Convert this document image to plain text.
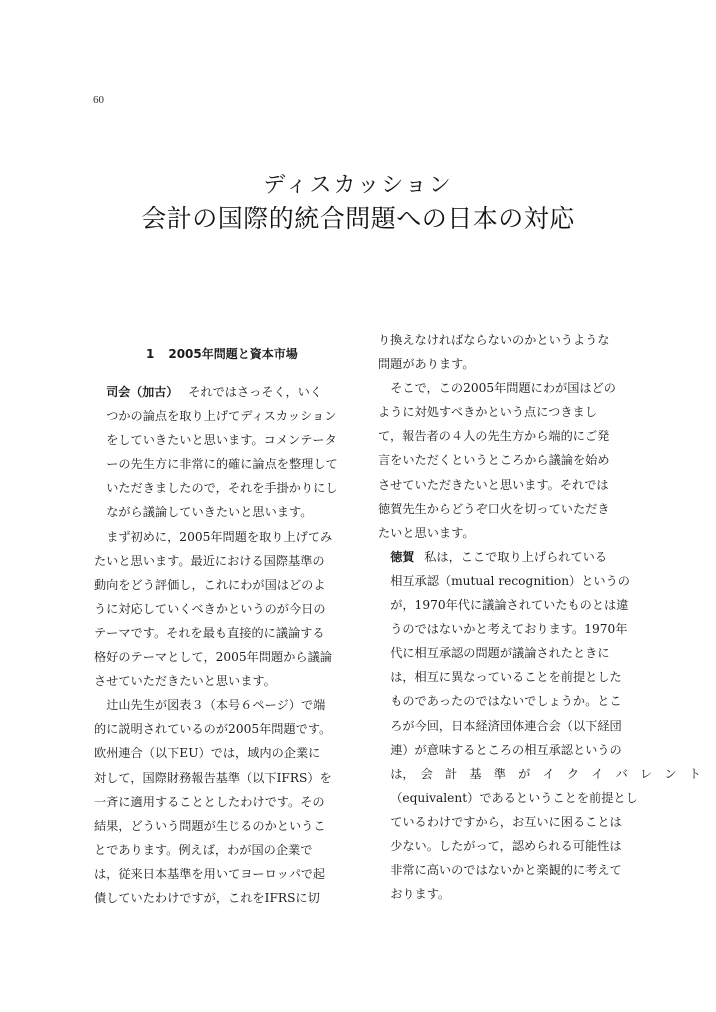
60
ディスカッション
会計の国際的統合問題への日本の対応
1 2005年問題と資本市場

司会（加古） それではさっそく，いく
つかの論点を取り上げてディスカッション
をしていきたいと思います。コメンテータ
ーの先生方に非常に的確に論点を整理して
いただきましたので，それを手掛かりにし
ながら議論していきたいと思います。

まず初めに，2005年問題を取り上げてみ
たいと思います。最近における国際基準の
動向をどう評価し，これにわが国はどのよ
うに対応していくべきかというのが今日の
テーマです。それを最も直接的に議論する
格好のテーマとして，2005年問題から議論
させていただきたいと思います。

辻山先生が図表３（本号６ページ）で端
的に説明されているのが2005年問題です。
欧州連合（以下EU）では，域内の企業に
対して，国際財務報告基準（以下IFRS）を
一斉に適用することとしたわけです。その
結果，どういう問題が生じるのかというこ
とであります。例えば，わが国の企業で
は，従来日本基準を用いてヨーロッパで起
債していたわけですが，これをIFRSに切

り換えなければならないのかというような
問題があります。

そこで，この2005年問題にわが国はどの
ように対処すべきかという点につきまし
て，報告者の４人の先生方から端的にご発
言をいただくというところから議論を始め
させていただきたいと思います。それでは
徳賀先生からどうぞ口火を切っていただき
たいと思います。

徳賀 私は，ここで取り上げられている
相互承認（mutual recognition）というの
が，1970年代に議論されていたものとは違
うのではないかと考えております。1970年
代に相互承認の問題が議論されたときに
は，相互に異なっていることを前提とした
ものであったのではないでしょうか。とこ
ろが今回，日本経済団体連合会（以下経団
連）が意味するところの相互承認というの
は，　会　計　基　準　が　イ　ク　イ　バ　レ　ン　ト
（equivalent）であるということを前提とし
ているわけですから，お互いに困ることは
少ない。したがって，認められる可能性は
非常に高いのではないかと楽観的に考えて
おります。
